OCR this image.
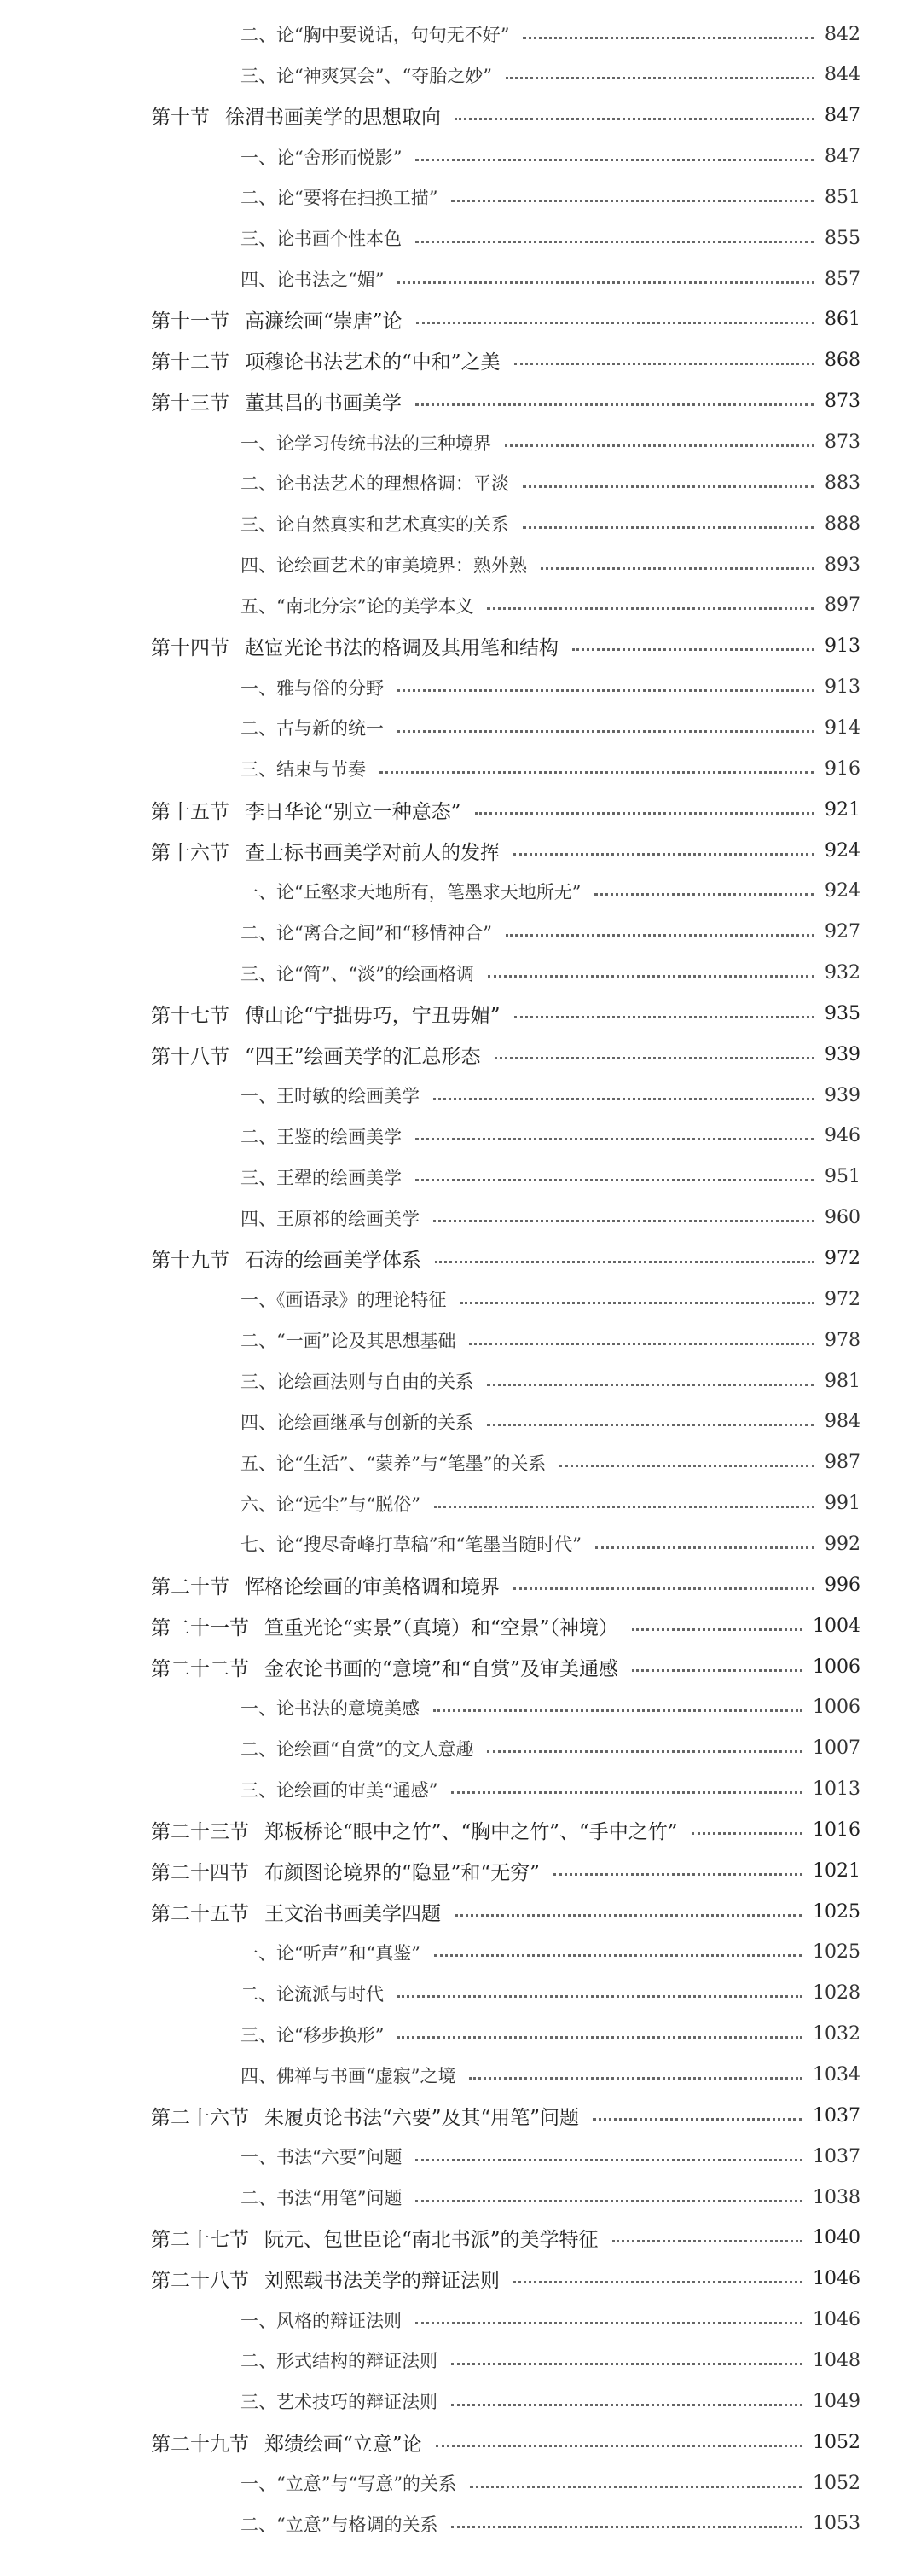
二、论“胸中要说话，句句无不好”	842
三、论“神爽冥会”、“夺胎之妙”	844
第十节 徐渭书画美学的思想取向	847
一、论“舍形而悦影”	847
二、论“要将在扫换工描”	851
三、论书画个性本色	855
四、论书法之“媚”	857
第十一节 高濂绘画“崇唐”论	861
第十二节 项穆论书法艺术的“中和”之美	868
第十三节 董其昌的书画美学	873
一、论学习传统书法的三种境界	873
二、论书法艺术的理想格调：平淡	883
三、论自然真实和艺术真实的关系	888
四、论绘画艺术的审美境界：熟外熟	893
五、“南北分宗”论的美学本义	897
第十四节 赵宧光论书法的格调及其用笔和结构	913
一、雅与俗的分野	913
二、古与新的统一	914
三、结束与节奏	916
第十五节 李日华论“别立一种意态”	921
第十六节 查士标书画美学对前人的发挥	924
一、论“丘壑求天地所有，笔墨求天地所无”	924
二、论“离合之间”和“移情神合”	927
三、论“简”、“淡”的绘画格调	932
第十七节 傅山论“宁拙毋巧，宁丑毋媚”	935
第十八节 “四王”绘画美学的汇总形态	939
一、王时敏的绘画美学	939
二、王鉴的绘画美学	946
三、王翚的绘画美学	951
四、王原祁的绘画美学	960
第十九节 石涛的绘画美学体系	972
一、《画语录》的理论特征	972
二、“一画”论及其思想基础	978
三、论绘画法则与自由的关系	981
四、论绘画继承与创新的关系	984
五、论“生活”、“蒙养”与“笔墨”的关系	987
六、论“远尘”与“脱俗”	991
七、论“搜尽奇峰打草稿”和“笔墨当随时代”	992
第二十节 恽格论绘画的审美格调和境界	996
第二十一节 笪重光论“实景”（真境）和“空景”（神境）	1004
第二十二节 金农论书画的“意境”和“自赏”及审美通感	1006
一、论书法的意境美感	1006
二、论绘画“自赏”的文人意趣	1007
三、论绘画的审美“通感”	1013
第二十三节 郑板桥论“眼中之竹”、“胸中之竹”、“手中之竹”	1016
第二十四节 布颜图论境界的“隐显”和“无穷”	1021
第二十五节 王文治书画美学四题	1025
一、论“听声”和“真鉴”	1025
二、论流派与时代	1028
三、论“移步换形”	1032
四、佛禅与书画“虚寂”之境	1034
第二十六节 朱履贞论书法“六要”及其“用笔”问题	1037
一、书法“六要”问题	1037
二、书法“用笔”问题	1038
第二十七节 阮元、包世臣论“南北书派”的美学特征	1040
第二十八节 刘熙载书法美学的辩证法则	1046
一、风格的辩证法则	1046
二、形式结构的辩证法则	1048
三、艺术技巧的辩证法则	1049
第二十九节 郑绩绘画“立意”论	1052
一、“立意”与“写意”的关系	1052
二、“立意”与格调的关系	1053
